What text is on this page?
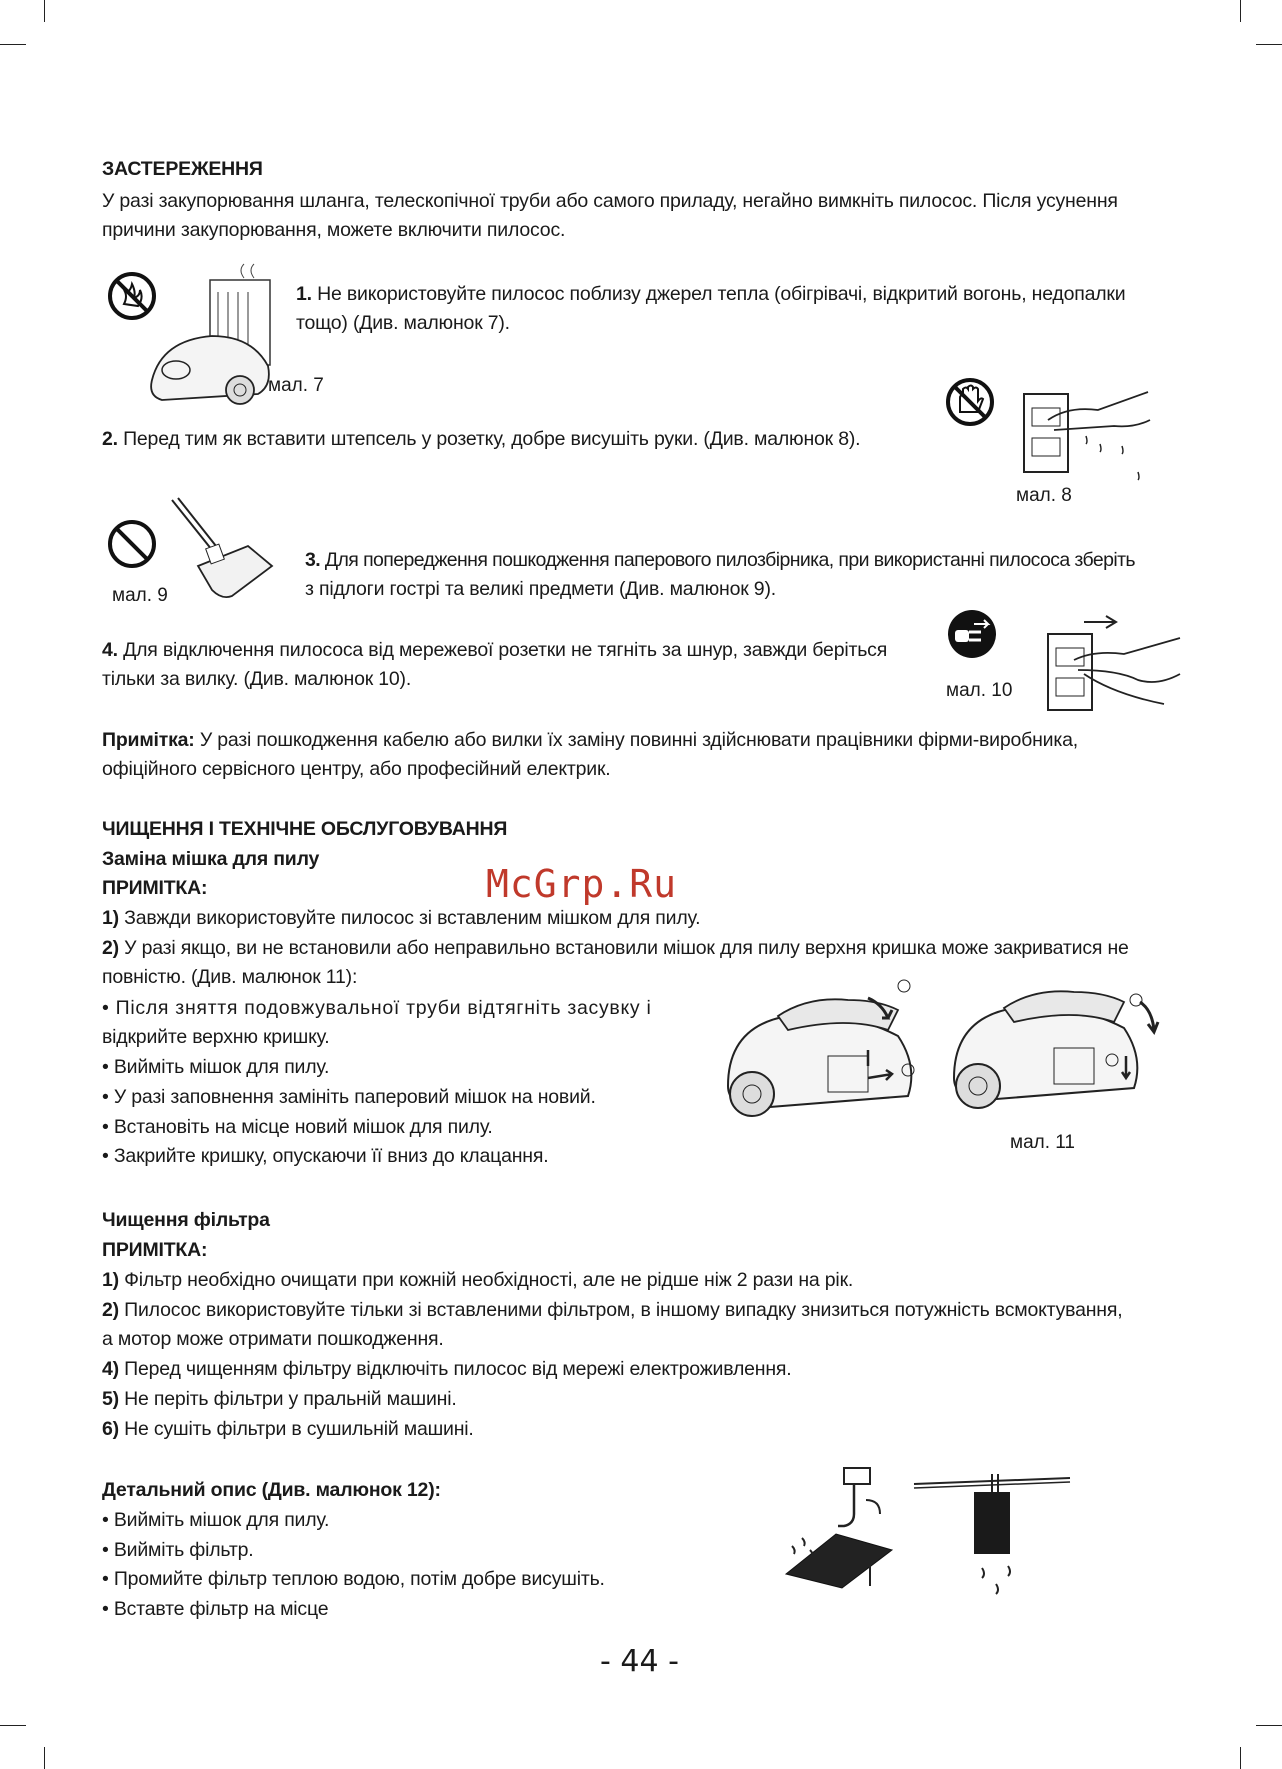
ЗАСТЕРЕЖЕННЯ
У разі закупорювання шланга, телескопічної труби або самого приладу, негайно вимкніть пилосос. Після усунення
причини закупорювання, можете включити пилосос.
мал. 7
1. Не використовуйте пилосос поблизу джерел тепла (обігрівачі, відкритий вогонь, недопалки
тощо) (Див. малюнок 7).
2. Перед тим як вставити штепсель у розетку, добре висушіть руки. (Див. малюнок 8).
мал. 8
мал. 9
3. Для попередження пошкодження паперового пилозбірника, при використанні пилососа зберіть
з підлоги гострі та великі предмети (Див. малюнок 9).
4. Для відключення пилососа від мережевої розетки не тягніть за шнур, завжди беріться
тільки за вилку. (Див. малюнок 10).
мал. 10
Примітка: У разі пошкодження кабелю або вилки їх заміну повинні здійснювати працівники фірми-виробника,
офіційного сервісного центру, або професійний електрик.
ЧИЩЕННЯ І ТЕХНІЧНЕ ОБСЛУГОВУВАННЯ
Заміна мішка для пилу
ПРИМІТКА:	McGrp.Ru
1) Завжди використовуйте пилосос зі вставленим мішком для пилу.
2) У разі якщо, ви не встановили або неправильно встановили мішок для пилу верхня кришка може закриватися не
повністю. (Див. малюнок 11):
• Після зняття подовжувальної труби відтягніть засувку і
відкрийте верхню кришку.
• Вийміть мішок для пилу.
• У разі заповнення замініть паперовий мішок на новий.
• Встановіть на місце новий мішок для пилу.
• Закрийте кришку, опускаючи її вниз до клацання.
мал. 11
Чищення фільтра
ПРИМІТКА:
1) Фільтр необхідно очищати при кожній необхідності, але не рідше ніж 2 рази на рік.
2) Пилосос використовуйте тільки зі вставленими фільтром, в іншому випадку знизиться потужність всмоктування,
а мотор може отримати пошкодження.
4) Перед чищенням фільтру відключіть пилосос від мережі електроживлення.
5) Не періть фільтри у пральній машині.
6) Не сушіть фільтри в сушильній машині.
Детальний опис (Див. малюнок 12):
• Вийміть мішок для пилу.
• Вийміть фільтр.
• Промийте фільтр теплою водою, потім добре висушіть.
• Вставте фільтр на місце
- 44 -
